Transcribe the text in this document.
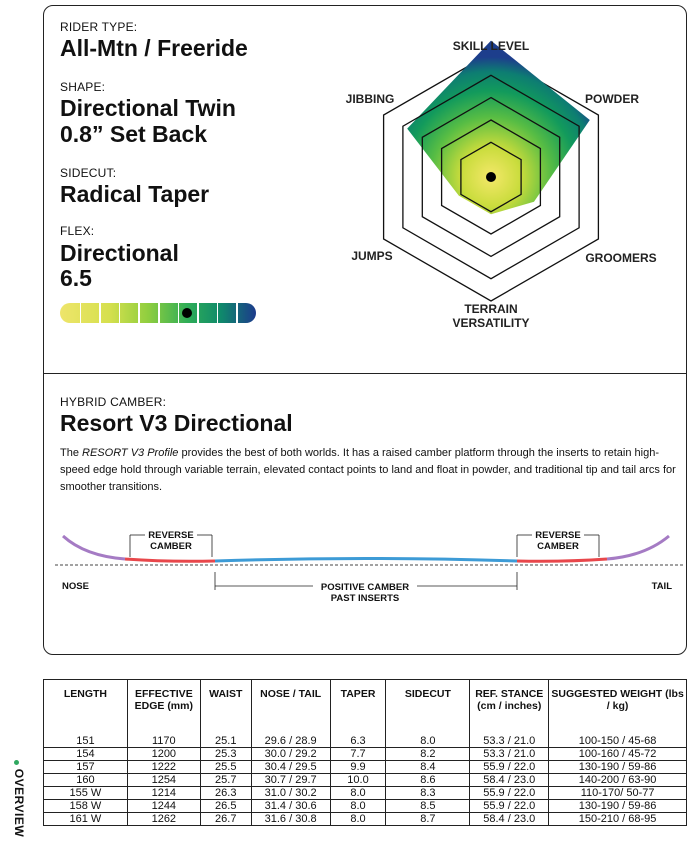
RIDER TYPE:
All-Mtn / Freeride
SHAPE:
Directional Twin
0.8” Set Back
SIDECUT:
Radical Taper
FLEX:
Directional
6.5
SKILL LEVEL
POWDER
GROOMERS
TERRAIN
VERSATILITY
JUMPS
JIBBING
HYBRID CAMBER:
Resort V3 Directional
The RESORT V3 Profile provides the best of both worlds. It has a raised camber platform through the inserts to retain high-speed edge hold through variable terrain, elevated contact points to land and float in powder, and traditional tip and tail arcs for smoother transitions.
REVERSE
CAMBER
REVERSE
CAMBER
POSITIVE CAMBER
PAST INSERTS
NOSE	TAIL
LENGTH	EFFECTIVE EDGE (mm)	WAIST	NOSE / TAIL	TAPER	SIDECUT	REF. STANCE (cm / inches)	SUGGESTED WEIGHT (lbs / kg)
151	1170	25.1	29.6 / 28.9	6.3	8.0	53.3 / 21.0	100-150 / 45-68
154	1200	25.3	30.0 / 29.2	7.7	8.2	53.3 / 21.0	100-160 / 45-72
157	1222	25.5	30.4 / 29.5	9.9	8.4	55.9 / 22.0	130-190 / 59-86
160	1254	25.7	30.7 / 29.7	10.0	8.6	58.4 / 23.0	140-200 / 63-90
155 W	1214	26.3	31.0 / 30.2	8.0	8.3	55.9 / 22.0	110-170/ 50-77
158 W	1244	26.5	31.4 / 30.6	8.0	8.5	55.9 / 22.0	130-190 / 59-86
161 W	1262	26.7	31.6 / 30.8	8.0	8.7	58.4 / 23.0	150-210 / 68-95
OVERVIEW
